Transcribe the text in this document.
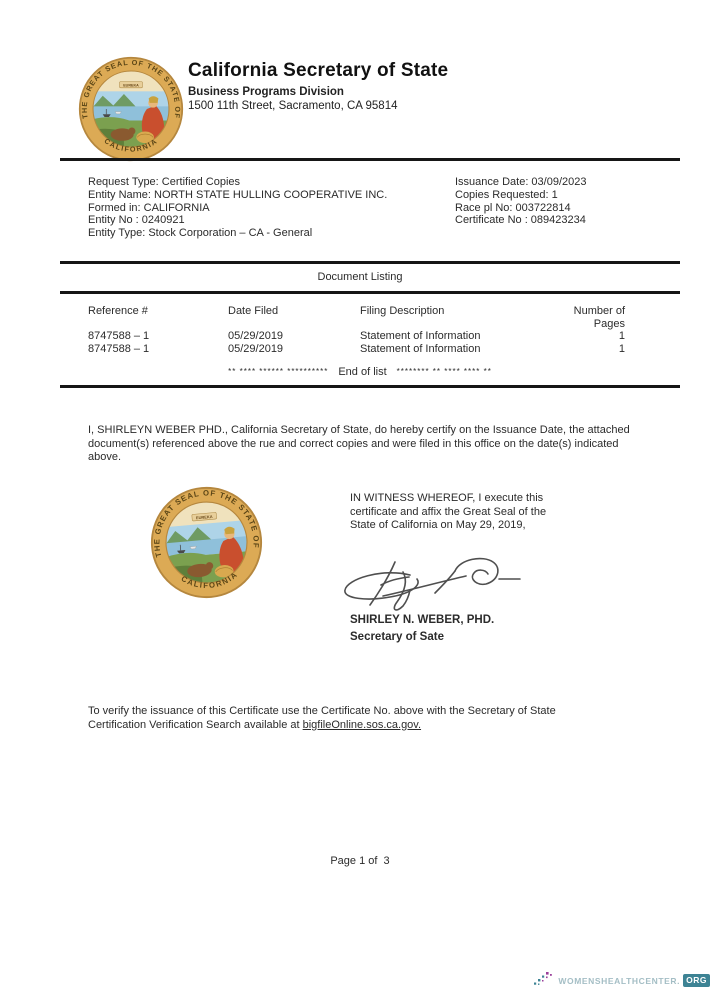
California Secretary of State
Business Programs Division
1500 11th Street, Sacramento, CA 95814
Request Type: Certified Copies
Entity Name: NORTH STATE HULLING COOPERATIVE INC.
Formed in: CALIFORNIA
Entity No : 0240921
Entity Type: Stock Corporation – CA - General
Issuance Date: 03/09/2023
Copies Requested: 1
Race pl No: 003722814
Certificate No : 089423234
Document Listing
Reference #	Date Filed	Filing Description	Number of Pages
8747588 – 1	05/29/2019	Statement of Information	1
8747588 – 1	05/29/2019	Statement of Information	1
** **** ****** ********** End of list ******** ** **** **** **
I, SHIRLEYN WEBER PHD., California Secretary of State, do hereby certify on the Issuance Date, the attached document(s) referenced above the rue and correct copies and were filed in this office on the date(s) indicated above.
IN WITNESS WHEREOF, I execute this
certificate and affix the Great Seal of the
State of California on May 29, 2019,
SHIRLEY N. WEBER, PHD.
Secretary of Sate
To verify the issuance of this Certificate use the Certificate No. above with the Secretary of State Certification Verification Search available at bigfileOnline.sos.ca.gov.
Page 1 of  3
WOMENSHEALTHCENTER. ORG
